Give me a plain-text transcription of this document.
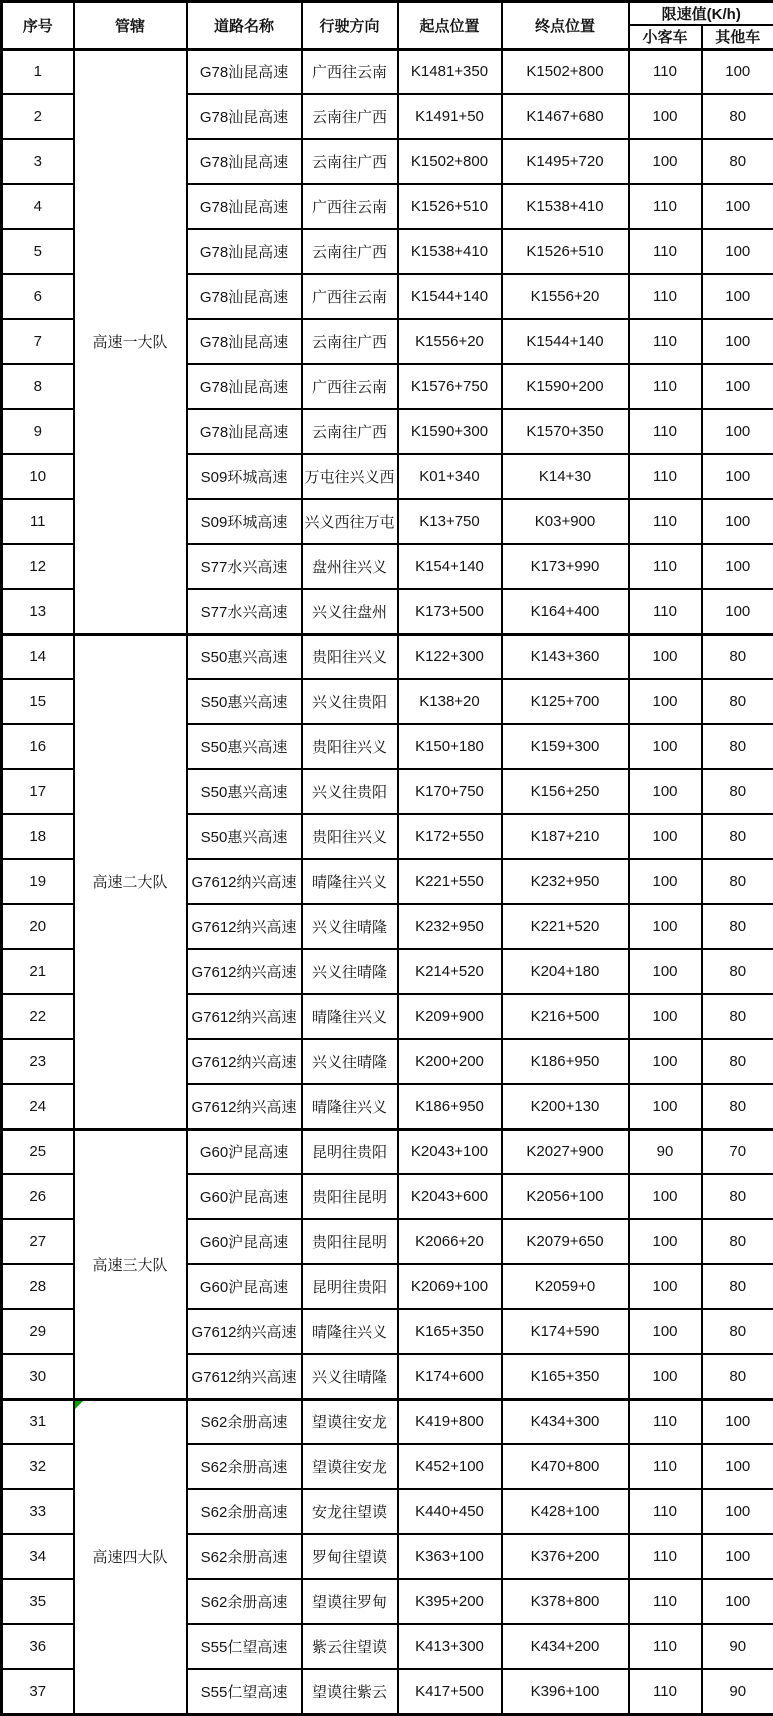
序号	管辖	道路名称	行驶方向	起点位置	终点位置	限速值(K/h)	
						小客车	其他车
1	高速一大队	G78汕昆高速	广西往云南	K1481+350	K1502+800	110	100
2		G78汕昆高速	云南往广西	K1491+50	K1467+680	100	80
3		G78汕昆高速	云南往广西	K1502+800	K1495+720	100	80
4		G78汕昆高速	广西往云南	K1526+510	K1538+410	110	100
5		G78汕昆高速	云南往广西	K1538+410	K1526+510	110	100
6		G78汕昆高速	广西往云南	K1544+140	K1556+20	110	100
7		G78汕昆高速	云南往广西	K1556+20	K1544+140	110	100
8		G78汕昆高速	广西往云南	K1576+750	K1590+200	110	100
9		G78汕昆高速	云南往广西	K1590+300	K1570+350	110	100
10		S09环城高速	万屯往兴义西	K01+340	K14+30	110	100
11		S09环城高速	兴义西往万屯	K13+750	K03+900	110	100
12		S77水兴高速	盘州往兴义	K154+140	K173+990	110	100
13		S77水兴高速	兴义往盘州	K173+500	K164+400	110	100
14	高速二大队	S50惠兴高速	贵阳往兴义	K122+300	K143+360	100	80
15		S50惠兴高速	兴义往贵阳	K138+20	K125+700	100	80
16		S50惠兴高速	贵阳往兴义	K150+180	K159+300	100	80
17		S50惠兴高速	兴义往贵阳	K170+750	K156+250	100	80
18		S50惠兴高速	贵阳往兴义	K172+550	K187+210	100	80
19		G7612纳兴高速	晴隆往兴义	K221+550	K232+950	100	80
20		G7612纳兴高速	兴义往晴隆	K232+950	K221+520	100	80
21		G7612纳兴高速	兴义往晴隆	K214+520	K204+180	100	80
22		G7612纳兴高速	晴隆往兴义	K209+900	K216+500	100	80
23		G7612纳兴高速	兴义往晴隆	K200+200	K186+950	100	80
24		G7612纳兴高速	晴隆往兴义	K186+950	K200+130	100	80
25	高速三大队	G60沪昆高速	昆明往贵阳	K2043+100	K2027+900	90	70
26		G60沪昆高速	贵阳往昆明	K2043+600	K2056+100	100	80
27		G60沪昆高速	贵阳往昆明	K2066+20	K2079+650	100	80
28		G60沪昆高速	昆明往贵阳	K2069+100	K2059+0	100	80
29		G7612纳兴高速	晴隆往兴义	K165+350	K174+590	100	80
30		G7612纳兴高速	兴义往晴隆	K174+600	K165+350	100	80
31	高速四大队	S62余册高速	望谟往安龙	K419+800	K434+300	110	100
32		S62余册高速	望谟往安龙	K452+100	K470+800	110	100
33		S62余册高速	安龙往望谟	K440+450	K428+100	110	100
34		S62余册高速	罗甸往望谟	K363+100	K376+200	110	100
35		S62余册高速	望谟往罗甸	K395+200	K378+800	110	100
36		S55仁望高速	紫云往望谟	K413+300	K434+200	110	90
37		S55仁望高速	望谟往紫云	K417+500	K396+100	110	90
